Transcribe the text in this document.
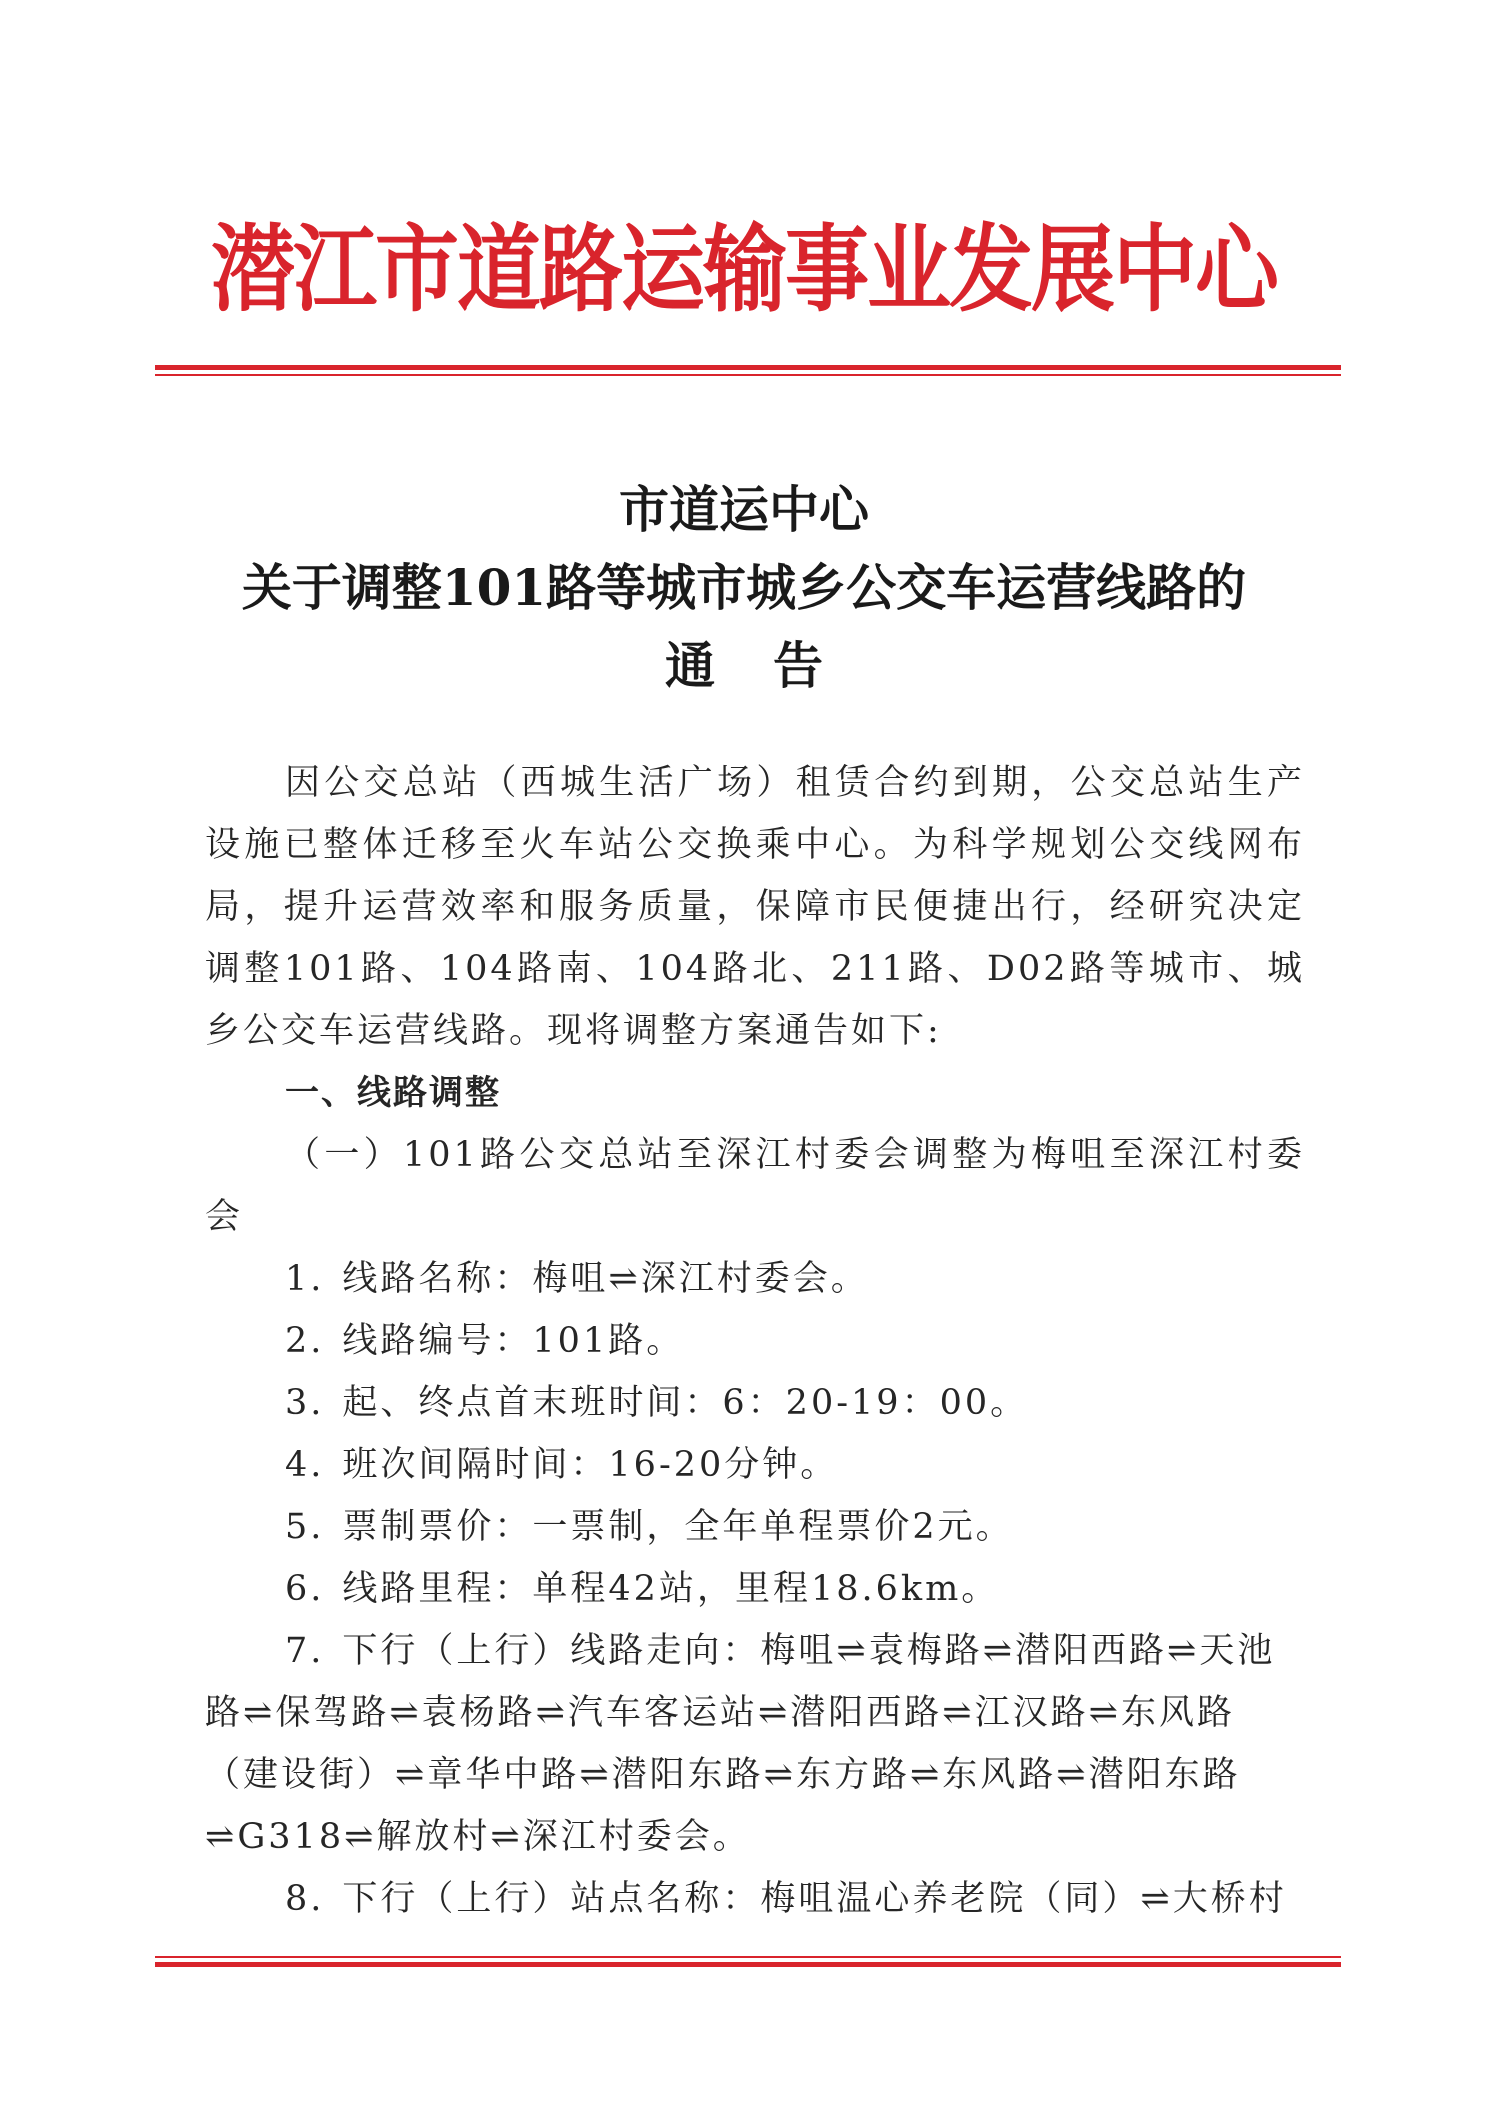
潜江市道路运输事业发展中心
市道运中心
关于调整101路等城市城乡公交车运营线路的
通告

因公交总站（西城生活广场）租赁合约到期，公交总站生产设施已整体迁移至火车站公交换乘中心。为科学规划公交线网布局，提升运营效率和服务质量，保障市民便捷出行，经研究决定调整101路、104路南、104路北、211路、D02路等城市、城乡公交车运营线路。现将调整方案通告如下:

一、线路调整

（一）101路公交总站至深江村委会调整为梅咀至深江村委会

1. 线路名称：梅咀⇌深江村委会。

2. 线路编号：101路。

3. 起、终点首末班时间：6：20-19：00。

4. 班次间隔时间：16-20分钟。

5. 票制票价：一票制，全年单程票价2元。

6. 线路里程：单程42站，里程18.6km。

7. 下行（上行）线路走向：梅咀⇌袁梅路⇌潜阳西路⇌天池路⇌保驾路⇌袁杨路⇌汽车客运站⇌潜阳西路⇌江汉路⇌东风路（建设街）⇌章华中路⇌潜阳东路⇌东方路⇌东风路⇌潜阳东路⇌G318⇌解放村⇌深江村委会。

8. 下行（上行）站点名称：梅咀温心养老院（同）⇌大桥村
